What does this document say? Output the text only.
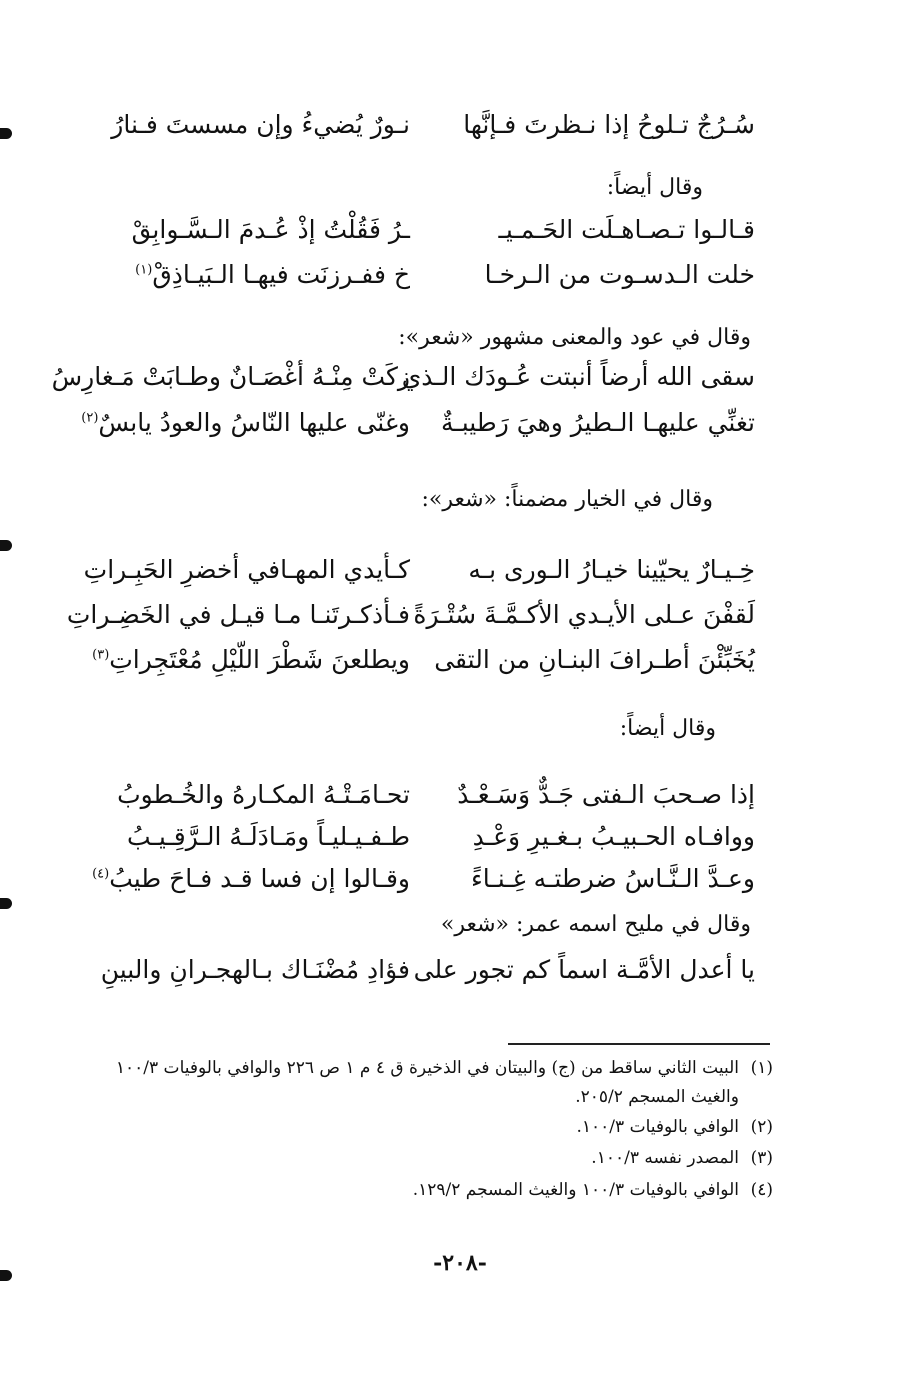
سُـرُجٌ تـلوحُ إذا نـظرتَ فـإنَّها
نـورٌ يُضيءُ وإن مسستَ فـنارُ
وقال أيضاً:
قـالـوا تـصـاهـلَت الحَـمـيـ
ـرُ فَقُلْتُ إذْ عُـدمَ الـسَّـوابِقْ
خلت الـدسـوت من الـرخـا
خ ففـرزنَت فيهـا الـبَيـاذِقْ$^{(١)}$
وقال في عود والمعنى مشهور «شعر»:
سقى الله أرضاً أنبتت عُـودَك الـذي
زكَتْ مِنْـهُ أغْصَـانٌ وطـابَتْ مَـغارِسُ
تغنِّي عليهـا الـطيرُ وهيَ رَطيبـةٌ
وغنّى عليها النّاسُ والعودُ يابسٌ$^{(٢)}$
وقال في الخيار مضمناً: «شعر»:
خِـيـارٌ يحيّينا خيـارُ الـورى بـه
كـأيدي المهـافي أخضرِ الحَبِـراتِ
لَقفْنَ عـلى الأيـدي الأكـمَّـةَ سُتْـرَةً
فـأذكـرتَنـا مـا قيـل في الخَضِـراتِ
يُخَبِّئْنَ أطـرافَ البنـانِ من التقى
ويطلعنَ شَطْرَ اللّيْلِ مُعْتَجِراتِ$^{(٣)}$
وقال أيضاً:
إذا صـحبَ الـفتى جَـدٌّ وَسَـعْـدٌ
تحـامَـتْـهُ المكـارهُ والخُـطوبُ
ووافـاه الحـبيـبُ بـغـيرِ وَعْـدِ
طـفـيـليـاً ومَـادَلَـهُ الـرَّقِـيـبُ
وعـدَّ الـنَّـاسُ ضرطتـه غِـنـاءً
وقـالوا إن فسا قـد فـاحَ طيبُ$^{(٤)}$
وقال في مليح اسمه عمر: «شعر»
يا أعدل الأمَّـة اسماً كم تجور على
فؤادِ مُضْنَـاك بـالهجـرانِ والبينِ
(١)البيت الثاني ساقط من (ج) والبيتان في الذخيرة ق ٤ م ١ ص ٢٢٦ والوافي بالوفيات ١٠٠/٣
والغيث المسجم ٢٠٥/٢.
(٢)الوافي بالوفيات ١٠٠/٣.
(٣)المصدر نفسه ١٠٠/٣.
(٤)الوافي بالوفيات ١٠٠/٣ والغيث المسجم ١٢٩/٢.
-٢٠٨-
